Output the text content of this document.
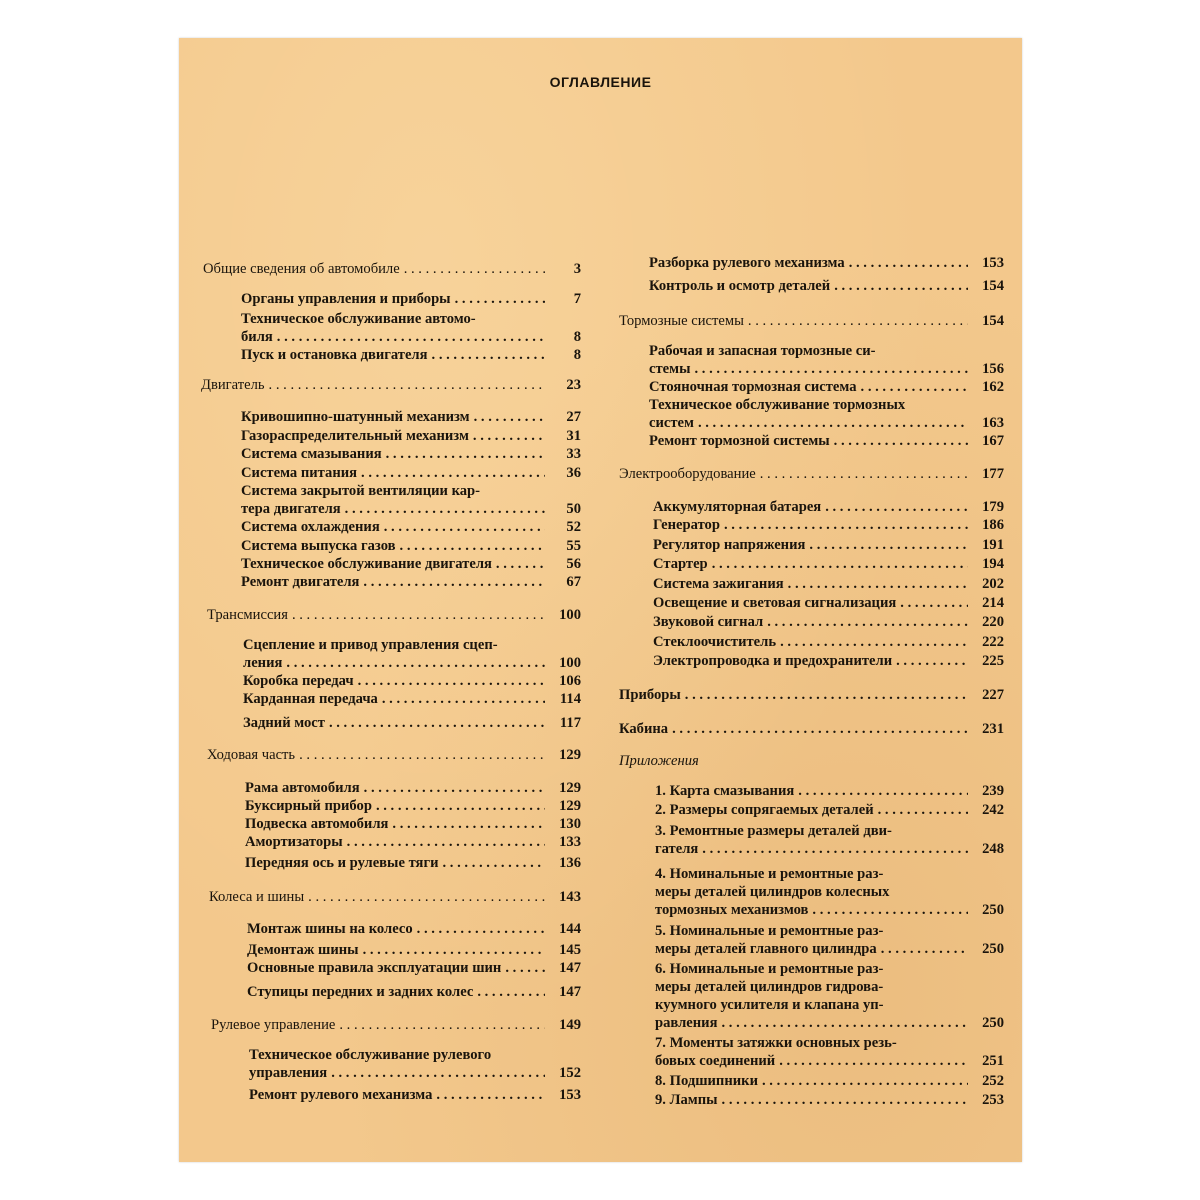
ОГЛАВЛЕНИЕ
Общие сведения об автомобиле . . .	3
Органы управления и приборы . . .	7
Техническое обслуживание автомо-
биля . . .	8
Пуск и остановка двигателя . . .	8
Двигатель . . .	23
Кривошипно-шатунный механизм . . .	27
Газораспределительный механизм . . .	31
Система смазывания . . .	33
Система питания . . .	36
Система закрытой вентиляции кар-
тера двигателя . . .	50
Система охлаждения . . .	52
Система выпуска газов . . .	55
Техническое обслуживание двигателя . . .	56
Ремонт двигателя . . .	67
Трансмиссия . . .	100
Сцепление и привод управления сцеп-
ления . . .	100
Коробка передач . . .	106
Карданная передача . . .	114
Задний мост . . .	117
Ходовая часть . . .	129
Рама автомобиля . . .	129
Буксирный прибор . . .	129
Подвеска автомобиля . . .	130
Амортизаторы . . .	133
Передняя ось и рулевые тяги . . .	136
Колеса и шины . . .	143
Монтаж шины на колесо . . .	144
Демонтаж шины . . .	145
Основные правила эксплуатации шин . . .	147
Ступицы передних и задних колес . . .	147
Рулевое управление . . .	149
Техническое обслуживание рулевого
управления . . .	152
Ремонт рулевого механизма . . .	153
Разборка рулевого механизма . . .	153
Контроль и осмотр деталей . . .	154
Тормозные системы . . .	154
Рабочая и запасная тормозные си-
стемы . . .	156
Стояночная тормозная система . . .	162
Техническое обслуживание тормозных
систем . . .	163
Ремонт тормозной системы . . .	167
Электрооборудование . . .	177
Аккумуляторная батарея . . .	179
Генератор . . .	186
Регулятор напряжения . . .	191
Стартер . . .	194
Система зажигания . . .	202
Освещение и световая сигнализация . . .	214
Звуковой сигнал . . .	220
Стеклоочиститель . . .	222
Электропроводка и предохранители . . .	225
Приборы . . .	227
Кабина . . .	231
Приложения
1. Карта смазывания . . .	239
2. Размеры сопрягаемых деталей . . .	242
3. Ремонтные размеры деталей дви-
гателя . . .	248
4. Номинальные и ремонтные раз-
меры деталей цилиндров колесных
тормозных механизмов . . .	250
5. Номинальные и ремонтные раз-
меры деталей главного цилиндра . . .	250
6. Номинальные и ремонтные раз-
меры деталей цилиндров гидрова-
куумного усилителя и клапана уп-
равления . . .	250
7. Моменты затяжки основных резь-
бовых соединений . . .	251
8. Подшипники . . .	252
9. Лампы . . .	253
